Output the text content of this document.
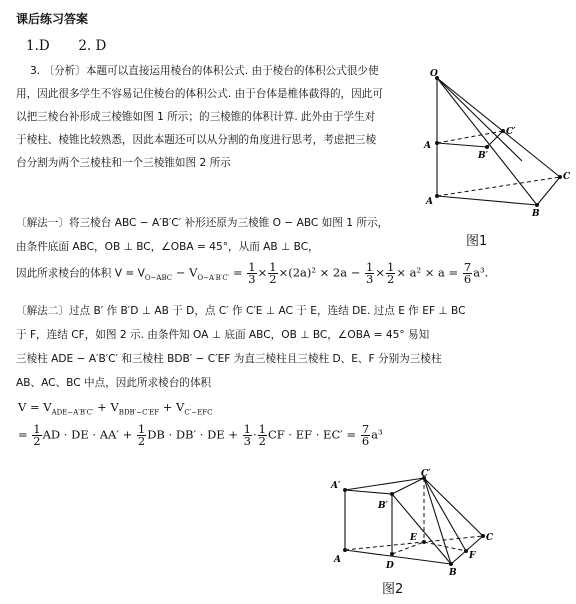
课后练习答案
1.D 2. D
3. 〔分析〕本题可以直接运用棱台的体积公式. 由于棱台的体积公式很少使
用，因此很多学生不容易记住棱台的体积公式. 由于台体是椎体截得的，因此可
以把三棱台补形成三棱锥如图 1 所示；的三棱锥的体积计算. 此外由于学生对
于棱柱、棱锥比较熟悉，因此本题还可以从分割的角度进行思考，考虑把三棱
台分割为两个三棱柱和一个三棱锥如图 2 所示
O
A
B′
C′
A
B
C
图1
〔解法一〕将三棱台 ABC − A′B′C′ 补形还原为三棱锥 O − ABC 如图 1 所示，
由条件底面 ABC，OB ⊥ BC，∠OBA = 45°，从而 AB ⊥ BC，
因此所求棱台的体积 $V = V_{O-ABC} - V_{O-A'B'C'} = \frac{1}{3} \times \frac{1}{2} \times(2a)^2 \times 2a - \frac{1}{3} \times \frac{1}{2} \times a^2 \times a = \frac{7}{6} a^3$.
〔解法二〕过点 B′ 作 B′D ⊥ AB 于 D，点 C′ 作 C′E ⊥ AC 于 E，连结 DE. 过点 E 作 EF ⊥ BC
于 F，连结 CF，如图 2 示. 由条件知 OA ⊥ 底面 ABC，OB ⊥ BC，∠OBA = 45° 易知
三棱柱 ADE − A′B′C′ 和三棱柱 BDB′ − C′EF 为直三棱柱且三棱柱 D、E、F 分别为三棱柱
AB、AC、BC 中点，因此所求棱台的体积
$V = V_{ADE-A'B'C'} + V_{BDB'-C'EF} + V_{C'-EFC}$
= $\frac{1}{2}$ AD · DE · $AA' + \frac{1}{2}$ DB · DB′ · DE + $\frac{1}{3} \cdot \frac{1}{2}$ CF · EF · $EC' = \frac{7}{6} a^3$
A′
C′
B′
E
D
A
C
F
B
图2
